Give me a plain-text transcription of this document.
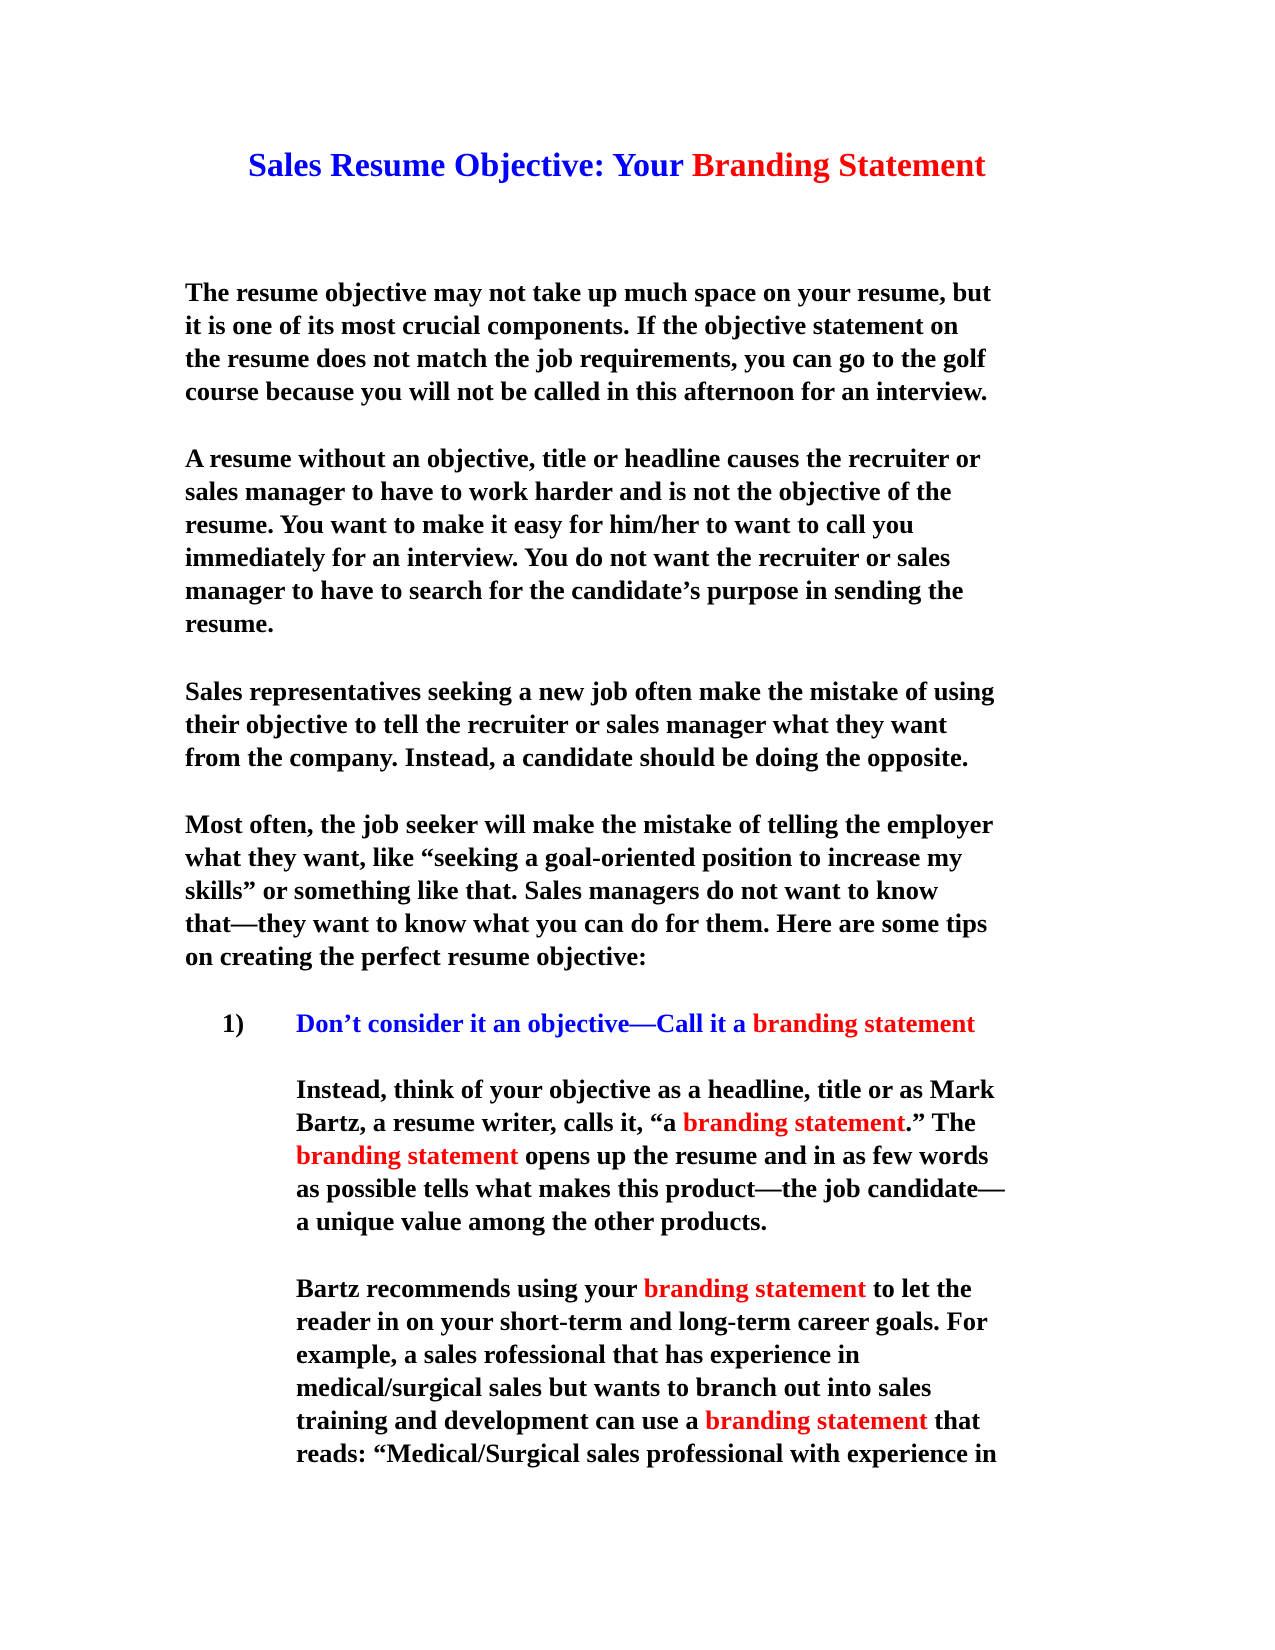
Sales Resume Objective: Your Branding Statement

The resume objective may not take up much space on your resume, but
it is one of its most crucial components. If the objective statement on
the resume does not match the job requirements, you can go to the golf
course because you will not be called in this afternoon for an interview.

A resume without an objective, title or headline causes the recruiter or
sales manager to have to work harder and is not the objective of the
resume. You want to make it easy for him/her to want to call you
immediately for an interview. You do not want the recruiter or sales
manager to have to search for the candidate’s purpose in sending the
resume.

Sales representatives seeking a new job often make the mistake of using
their objective to tell the recruiter or sales manager what they want
from the company. Instead, a candidate should be doing the opposite.

Most often, the job seeker will make the mistake of telling the employer
what they want, like “seeking a goal-oriented position to increase my
skills” or something like that. Sales managers do not want to know
that—they want to know what you can do for them. Here are some tips
on creating the perfect resume objective:

1) Don’t consider it an objective—Call it a branding statement

Instead, think of your objective as a headline, title or as Mark
Bartz, a resume writer, calls it, “a branding statement.” The
branding statement opens up the resume and in as few words
as possible tells what makes this product—the job candidate—
a unique value among the other products.

Bartz recommends using your branding statement to let the
reader in on your short-term and long-term career goals. For
example, a sales rofessional that has experience in
medical/surgical sales but wants to branch out into sales
training and development can use a branding statement that
reads: “Medical/Surgical sales professional with experience in
